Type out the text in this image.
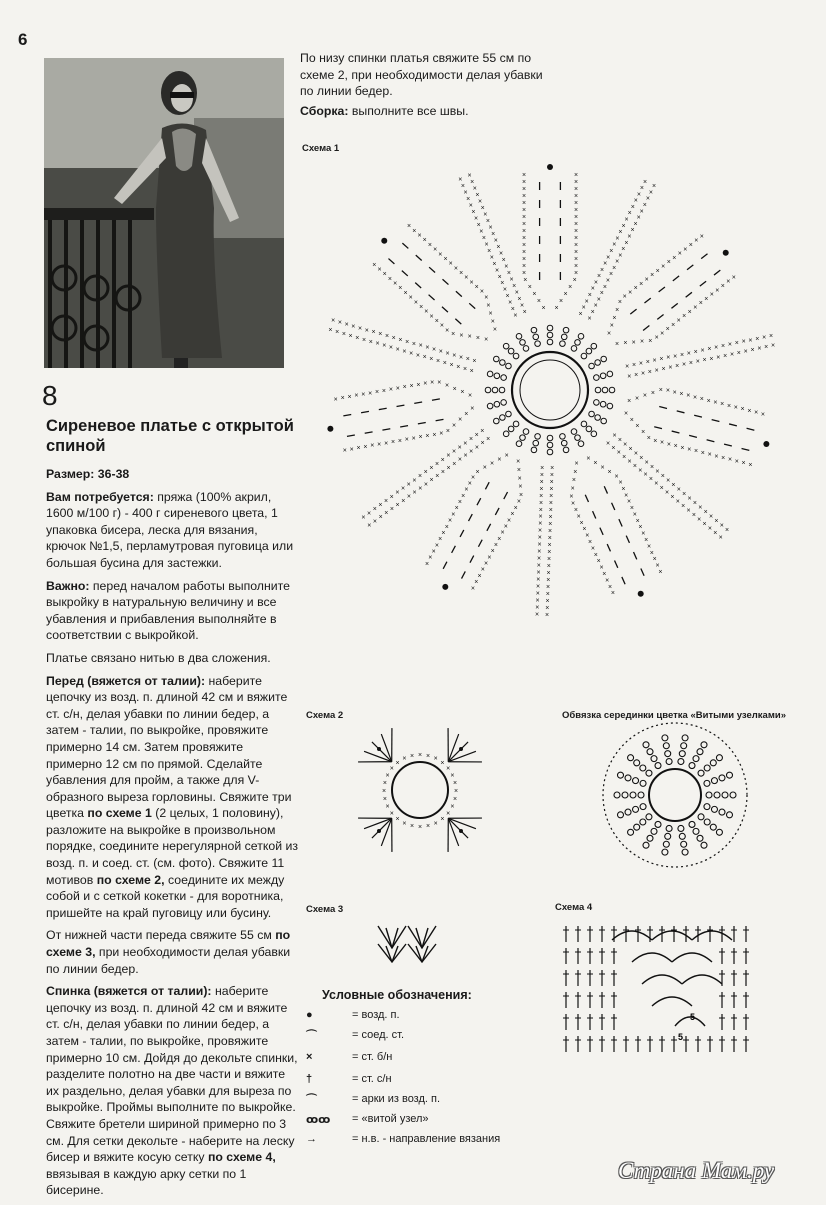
6
8
Сиреневое платье с открытой спиной

Размер: 36-38

Вам потребуется: пряжа (100% акрил, 1600 м/100 г) - 400 г сиреневого цвета, 1 упаковка бисера, леска для вязания, крючок №1,5, перламутровая пуговица или большая бусина для застежки.

Важно: перед началом работы выполните выкройку в натуральную величину и все убавления и прибавления выполняйте в соответствии с выкройкой.

Платье связано нитью в два сложения.

Перед (вяжется от талии): наберите цепочку из возд. п. длиной 42 см и вяжите ст. с/н, делая убавки по линии бедер, а затем - талии, по выкройке, провяжите примерно 14 см. Затем провяжите примерно 12 см по прямой. Сделайте убавления для пройм, а также для V-образного выреза горловины. Свяжите три цветка по схеме 1 (2 целых, 1 половину), разложите на выкройке в произвольном порядке, соедините нерегулярной сеткой из возд. п. и соед. ст. (см. фото). Свяжите 11 мотивов по схеме 2, соедините их между собой и с сеткой кокетки - для воротника, пришейте на край пуговицу или бусину.

От нижней части переда свяжите 55 см по схеме 3, при необходимости делая убавки по линии бедер.

Спинка (вяжется от талии): наберите цепочку из возд. п. длиной 42 см и вяжите ст. с/н, делая убавки по линии бедер, а затем - талии, по выкройке, провяжите примерно 10 см. Дойдя до декольте спинки, разделите полотно на две части и вяжите их раздельно, делая убавки для выреза по выкройке. Проймы выполните по выкройке. Свяжите бретели шириной примерно по 3 см. Для сетки декольте - наберите на леску бисер и вяжите косую сетку по схеме 4, ввязывая в каждую арку сетки по 1 бисерине.

По низу спинки платья свяжите 55 см по схеме 2, при необходимости делая убавки по линии бедер.

Сборка: выполните все швы.

Схема 1
Схема 2	Обвязка серединки цветка «Витыми узелками»
Схема 3	Схема 4
× ×
×	×
×	×
×	×
×	×
×	×
×	×
×	×
×	×
×	×
×	×
×	×
×	×
×	×
×	×
×	×
×	×
×	×
×	×
×	×
×
×
×
×
×
×
×
×
×
×
×
×
×
×
×
×
×
×
×
×
×
×
×
×
×
×
×
×
×
×
×
×
×
×
×
×
×
×
×
×
×
×
×
×
×
×
×
×
×
×
×
×
×
×
×
×
×
×
×
×
×
×
×
×
×
×
×
×
×
×
×
×
×
×
×
×
×
×
×
×
×
×
×
×
×
×
×
×
×
×
×
×
×
×
×
×
×
×
×
×
×
×
×
×
×
×
×
×
×
×
×
×
×
×
×
×
×
×
×
×
×
×
×
×
×
×
×
×
×
×
×
×
×
×
×
×
×
×
×
×
×
×
×
×
×
×
×
×
×
×
×
×
×
×
×
×
×
×
×
×
×
×
×
×
×
×
×
×
×
× ×
× ×
× ×
× ×
× ×
× ×
× ×
× ×
× ×
× ×
× ×
× ×
× ×
× ×
× ×
× ×
× ×
× ×
× ×
× ×
× ×
×
×
× ×
×
×
×
×
×
×
×
×
×
×
×
×
×
×
×
×
×
×
×
×
×
×
×
×
×
×
×
×
×
×
×
×
×
×
×
×
×
×
×
×
×
×
×
×
×
×
×
×
×
×
×
×
×
×
×
×
×
×
×
×
×
×
×
×
×
×
×
×
×
×
×
×
×
×
×
×
×
×
×
×
×
×
×
×
×
×
×
×
×
×
×
×
×
×
×
×
×
×
×
×
×
×
×
×
×
×
×
×
×
×
×
×
×
×
×
×
×
×
×
×
×
×
×
×
×
×
×
×
×
×
×
×
×
×
×
×
×
×
×
×
×
×
×
×
×
×
×
×
×
×
×
×
×
×
×
×
×
×
×
×
×
×
×
×
×
×
×
×
×
×
×
×
×
×
×
×
×
×
×
×
×
×
×
×
×
×
×
×
×
×
×
×
×
×
×
×
×
×
×
×
×
×
×
×
×
×
×
×
×
×
×
×
×
×
×
×
×
×
×
×
×
×
×
×
×
×
×
×
×
×
×
×
×
×
×
×
×
×
×
×
×
×
×
×
×
×
×
×
×
×
×
×
×
×
×
×
×
×
×
×
×
×
×
×
×
×
×
×
×
×
×
×
×
×
×
×
×
×
×
×
×
×
×
×
×
×
×
×
×
×
×
×
×
×
×
×
×
×
×
×
×
×
×
×
×
×
×
×
×
×
×
×
×
×
×
×
×
×
×
×
×
×
×
×
×
×
×
×
×
×
×
×
×
×
×
×
×
×
×
×
×
×
×
×
×
×
×
×
×
×
×
×
× × × × ×
×
×
×
×
5
5
Условные обозначения:
●	= возд. п.
⌒	= соед. ст.
×	= ст. б/н
†	= ст. с/н
⌒	= арки из возд. п.
ꝏꝏ	= «витой узел»
→	= н.в. - направление вязания
Страна Мам.ру
